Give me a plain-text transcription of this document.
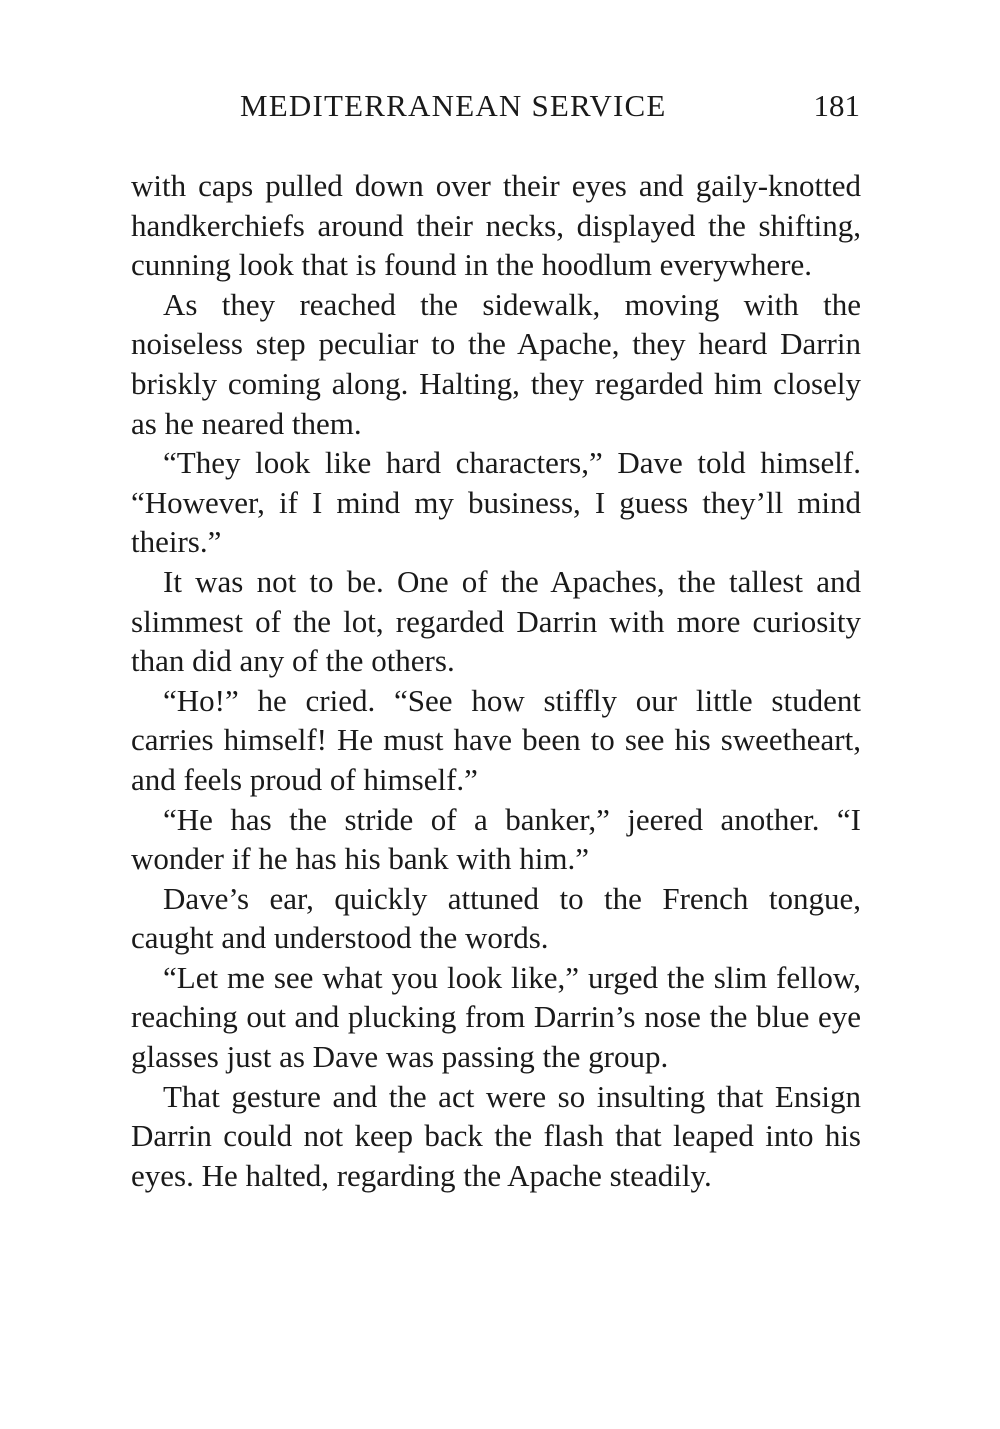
MEDITERRANEAN SERVICE	181

with caps pulled down over their eyes and gaily-knotted handkerchiefs around their necks, displayed the shifting, cunning look that is found in the hoodlum everywhere.

As they reached the sidewalk, moving with the noiseless step peculiar to the Apache, they heard Darrin briskly coming along. Halting, they regarded him closely as he neared them.

“They look like hard characters,” Dave told himself. “However, if I mind my business, I guess they’ll mind theirs.”

It was not to be. One of the Apaches, the tallest and slimmest of the lot, regarded Darrin with more curiosity than did any of the others.

“Ho!” he cried. “See how stiffly our little student carries himself! He must have been to see his sweetheart, and feels proud of himself.”

“He has the stride of a banker,” jeered another. “I wonder if he has his bank with him.”

Dave’s ear, quickly attuned to the French tongue, caught and understood the words.

“Let me see what you look like,” urged the slim fellow, reaching out and plucking from Darrin’s nose the blue eye glasses just as Dave was passing the group.

That gesture and the act were so insulting that Ensign Darrin could not keep back the flash that leaped into his eyes. He halted, regarding the Apache steadily.
